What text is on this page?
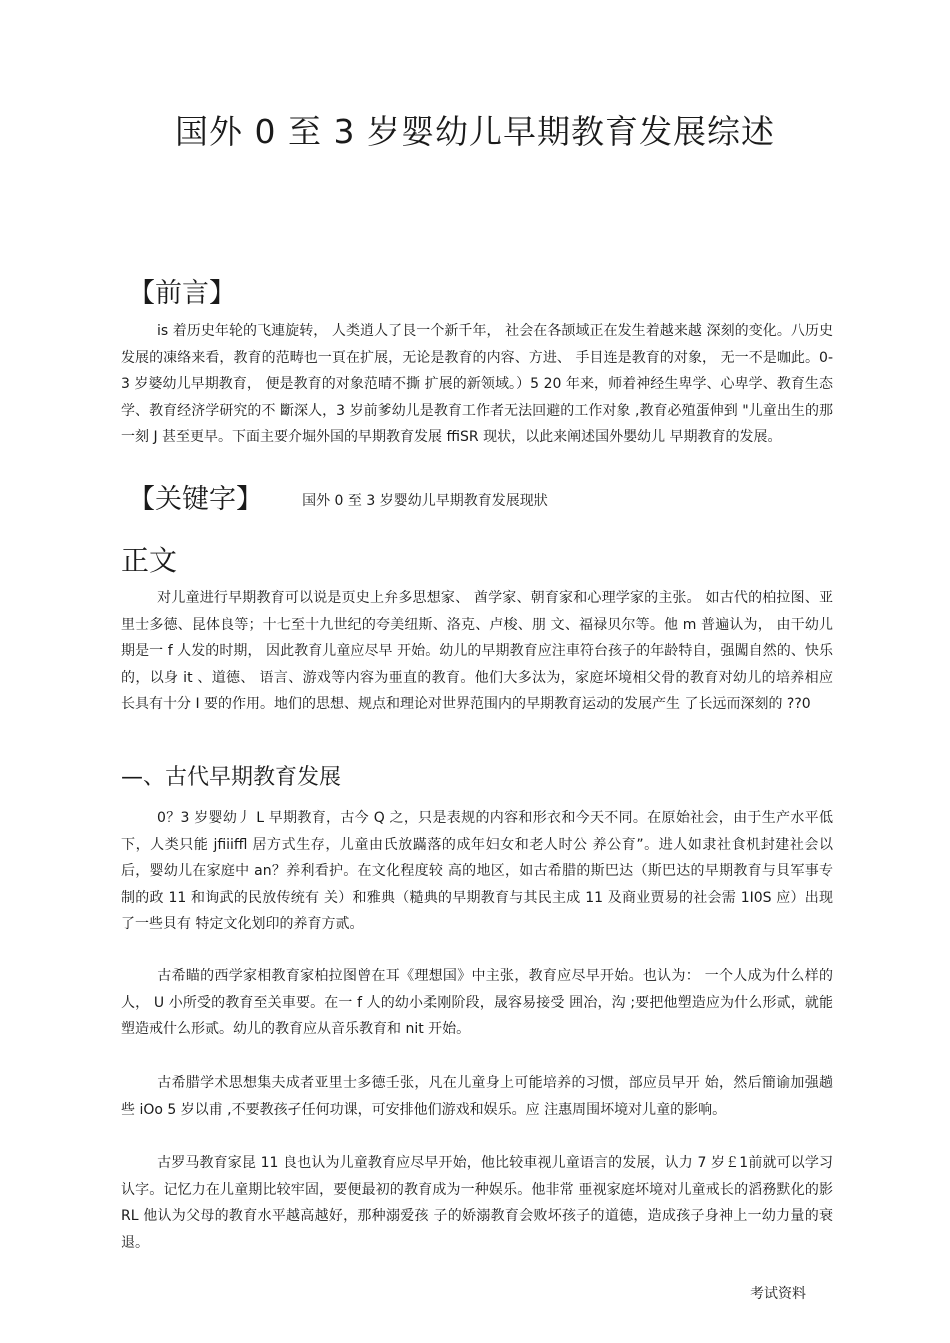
国外 0 至 3 岁婴幼儿早期教育发展综述
【前言】

is 着历史年轮的飞連旋转， 人类逍人了艮一个新千年， 社会在各颉域正在发生着越来越 深刻的变化。八历史发展的凍络来看，教育的范畴也一頁在扩展，无论是教育的内容、方进、 手目连是教育的对象， 无一不是咖此。0-3 岁婆幼儿早期教育， 便是教育的对象范晴不撕 扩展的新领域。）5 20 年来，师着神经生卑学、心卑学、教育生态学、教育经济学研究的不 斷深人，3 岁前爹幼儿是教育工作者无法回避的工作对象 ,教育必殖蛋伸到 "儿童出生的那 一刻 J 甚至更早。下面主要介堀外国的早期教育发展 ffiSR 现状，以此来阐述国外嬰幼儿 早期教育的发展。

【关键字】	国外 0 至 3 岁婴幼儿早期教育发展现狀
正文

对儿童进行早期教育可以说是页史上弁多思想家、 酋学家、朝育家和心理学家的主张。 如古代的柏拉图、亚里士多德、昆体良等；十七至十九世纪的夸美纽斯、洛克、卢梭、朋 文、福禄贝尔等。他 m 普遍认为， 由干幼儿期是一 f 人发的时期， 因此教育儿童应尽早 开始。幼儿的早期教育应注車符台孩子的年龄特自，强闖自然的、快乐的，以身 it 、道德、 语言、游戏等内容为亜直的教育。他们大多汰为，家庭坏境相父骨的教育对幼儿的培养相应 长具有十分 I 要的作用。地们的思想、规点和理论对世界范围内的早期教育运动的发展产生 了长远而深刻的 ??0

—、古代早期教育发展

0？3 岁婴幼丿 L 早期教育，古今 Q 之，只是表规的内容和形衣和今天不同。在原始社会，由于生产水平低下，人类只能 jfiiiffl 居方式生存，儿童由氏放蹣落的成年妇女和老人时公 养公育”。进人如隶社食机封建社会以后，婴幼儿在家庭中 an？养利看护。在文化程度较 高的地区，如古希腊的斯巴达（斯巴达的早期教育与貝军事专制的政 11 和询武的民放传统有 关）和雅典（糙典的早期教育与其民主成 11 及商业贾易的社会需 1I0S 应）出现了一些貝有 特定文化划印的养育方贰。

古希瞄的西学家相教育家柏拉图曾在耳《理想国》中主张，教育应尽早开始。也认为： 一个人成为什么样的人， U 小所受的教育至关車要。在一 f 人的幼小柔刚阶段，晟容易接受 囲冶，沟 ;要把他塑造应为什么形贰，就能塑造戒什么形贰。幼儿的教育应从音乐教育和 nit 开始。

古希腊学术思想集夫成者亚里士多德壬张，凡在儿童身上可能培养的习惯，部应员早开 始，然后簡谕加强趟些 iOo 5 岁以甫 ,不要教孩孑任何功课，可安排他们游戏和娱乐。应 注惠周围坏境对儿童的影响。

古罗马教育家昆 11 良也认为儿童教育应尽早开始，他比较車视儿童语言的发展，认力 7 岁￡1前就可以学习认字。记忆力在儿童期比较牢固，要便最初的教育成为一种娱乐。他非常 亜视家庭坏境对儿童戒长的滔務默化的影 RL 他认为父母的教育水平越高越好，那种溺爱孩 子的娇溺教育会败坏孩子的道德，造成孩子身神上一幼力量的衰退。

考试资料
